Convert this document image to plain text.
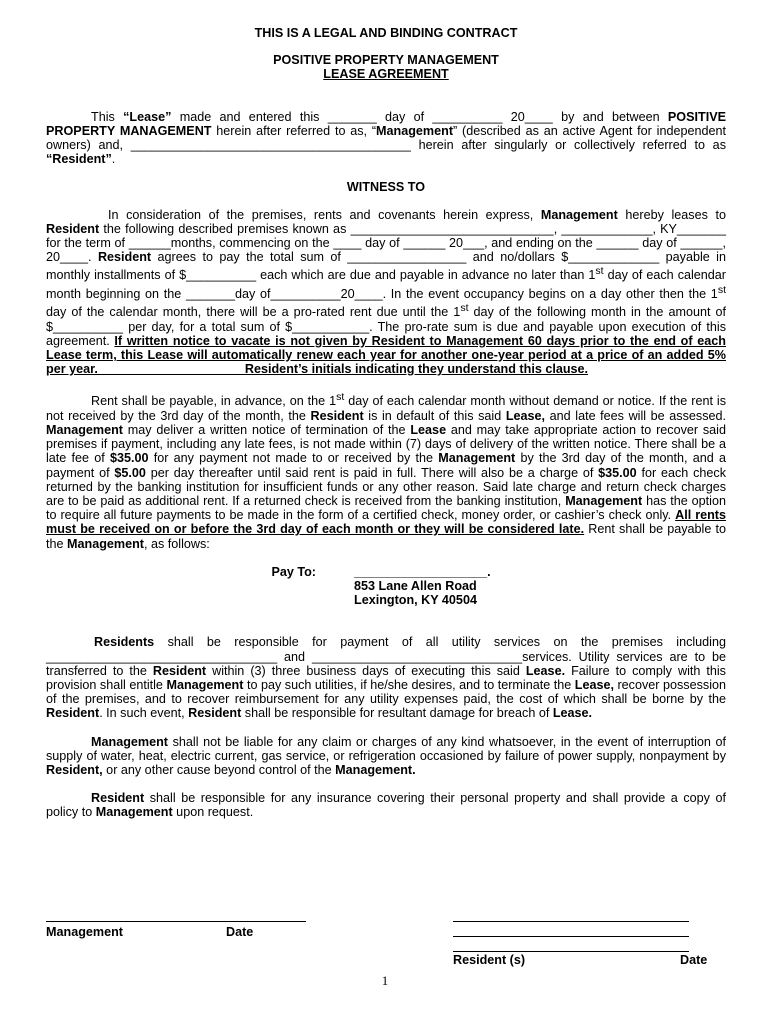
THIS IS A LEGAL AND BINDING CONTRACT

POSITIVE PROPERTY MANAGEMENT

LEASE AGREEMENT

This “Lease” made and entered this _______ day of __________ 20____ by and between POSITIVE PROPERTY MANAGEMENT herein after referred to as, “Management” (described as an active Agent for independent owners) and, ________________________________________ herein after singularly or collectively referred to as “Resident”.

WITNESS TO

In consideration of the premises, rents and covenants herein express, Management hereby leases to Resident the following described premises known as _____________________________, _____________, KY_______ for the term of ______months, commencing on the ____ day of ______ 20___, and ending on the ______ day of ______, 20____. Resident agrees to pay the total sum of _________________ and no/dollars $_____________ payable in monthly installments of $__________ each which are due and payable in advance no later than 1st day of each calendar month beginning on the _______day of__________20____. In the event occupancy begins on a day other then the 1st day of the calendar month, there will be a pro-rated rent due until the 1st day of the following month in the amount of $__________ per day, for a total sum of $___________. The pro-rate sum is due and payable upon execution of this agreement. If written notice to vacate is not given by Resident to Management 60 days prior to the end of each Lease term, this Lease will automatically renew each year for another one-year period at a price of an added 5% per year. ____________________ Resident’s initials indicating they understand this clause.

Rent shall be payable, in advance, on the 1st day of each calendar month without demand or notice. If the rent is not received by the 3rd day of the month, the Resident is in default of this said Lease, and late fees will be assessed. Management may deliver a written notice of termination of the Lease and may take appropriate action to recover said premises if payment, including any late fees, is not made within (7) days of delivery of the written notice. There shall be a late fee of $35.00 for any payment not made to or received by the Management by the 3rd day of the month, and a payment of $5.00 per day thereafter until said rent is paid in full. There will also be a charge of $35.00 for each check returned by the banking institution for insufficient funds or any other reason. Said late charge and return check charges are to be paid as additional rent. If a returned check is received from the banking institution, Management has the option to require all future payments to be made in the form of a certified check, money order, or cashier’s check only. All rents must be received on or before the 3rd day of each month or they will be considered late. Rent shall be payable to the Management, as follows:

Pay To:	___________________.
853 Lane Allen Road
Lexington, KY 40504

Residents shall be responsible for payment of all utility services on the premises including _________________________________ and ______________________________services. Utility services are to be transferred to the Resident within (3) three business days of executing this said Lease. Failure to comply with this provision shall entitle Management to pay such utilities, if he/she desires, and to terminate the Lease, recover possession of the premises, and to recover reimbursement for any utility expenses paid, the cost of which shall be borne by the Resident. In such event, Resident shall be responsible for resultant damage for breach of Lease.

Management shall not be liable for any claim or charges of any kind whatsoever, in the event of interruption of supply of water, heat, electric current, gas service, or refrigeration occasioned by failure of power supply, nonpayment by Resident, or any other cause beyond control of the Management.

Resident shall be responsible for any insurance covering their personal property and shall provide a copy of policy to Management upon request.

Management	Date
Resident (s)	Date
1
